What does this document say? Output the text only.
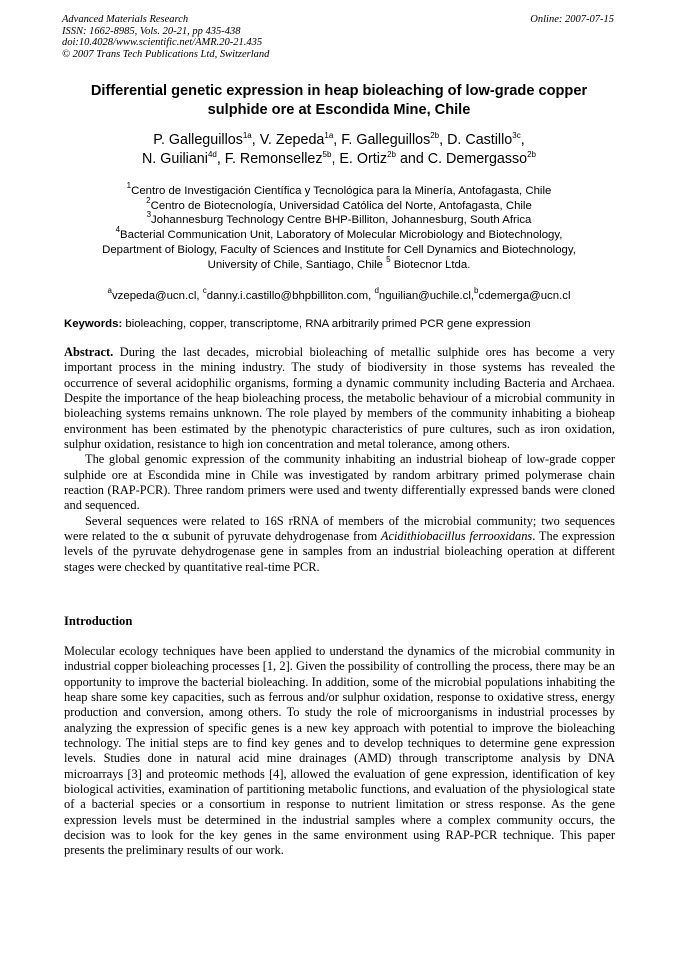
Advanced Materials Research
ISSN: 1662-8985, Vols. 20-21, pp 435-438
doi:10.4028/www.scientific.net/AMR.20-21.435
© 2007 Trans Tech Publications Ltd, Switzerland
Online: 2007-07-15
Differential genetic expression in heap bioleaching of low-grade copper
sulphide ore at Escondida Mine, Chile
P. Galleguillos$^{1a}$, V. Zepeda$^{1a}$, F. Galleguillos$^{2b}$, D. Castillo$^{3c}$,
N. Guiliani$^{4d}$, F. Remonsellez$^{5b}$, E. Ortiz$^{2b}$ and C. Demergasso$^{2b}$
$^1$Centro de Investigación Científica y Tecnológica para la Minería, Antofagasta, Chile
$^2$Centro de Biotecnología, Universidad Católica del Norte, Antofagasta, Chile
$^3$Johannesburg Technology Centre BHP-Billiton, Johannesburg, South Africa
$^4$Bacterial Communication Unit, Laboratory of Molecular Microbiology and Biotechnology,
Department of Biology, Faculty of Sciences and Institute for Cell Dynamics and Biotechnology,
University of Chile, Santiago, Chile $^5$ Biotecnor Ltda.
$^a$vzepeda@ucn.cl, $^c$danny.i.castillo@bhpbilliton.com, $^d$nguilian@uchile.cl,$^b$cdemerga@ucn.cl
Keywords: bioleaching, copper, transcriptome, RNA arbitrarily primed PCR gene expression

Abstract. During the last decades, microbial bioleaching of metallic sulphide ores has become a very important process in the mining industry. The study of biodiversity in those systems has revealed the occurrence of several acidophilic organisms, forming a dynamic community including Bacteria and Archaea. Despite the importance of the heap bioleaching process, the metabolic behaviour of a microbial community in bioleaching systems remains unknown. The role played by members of the community inhabiting a bioheap environment has been estimated by the phenotypic characteristics of pure cultures, such as iron oxidation, sulphur oxidation, resistance to high ion concentration and metal tolerance, among others.

The global genomic expression of the community inhabiting an industrial bioheap of low-grade copper sulphide ore at Escondida mine in Chile was investigated by random arbitrary primed polymerase chain reaction (RAP-PCR). Three random primers were used and twenty differentially expressed bands were cloned and sequenced.

Several sequences were related to 16S rRNA of members of the microbial community; two sequences were related to the α subunit of pyruvate dehydrogenase from Acidithiobacillus ferrooxidans. The expression levels of the pyruvate dehydrogenase gene in samples from an industrial bioleaching operation at different stages were checked by quantitative real-time PCR.

Introduction

Molecular ecology techniques have been applied to understand the dynamics of the microbial community in industrial copper bioleaching processes [1, 2]. Given the possibility of controlling the process, there may be an opportunity to improve the bacterial bioleaching. In addition, some of the microbial populations inhabiting the heap share some key capacities, such as ferrous and/or sulphur oxidation, response to oxidative stress, energy production and conversion, among others. To study the role of microorganisms in industrial processes by analyzing the expression of specific genes is a new key approach with potential to improve the bioleaching technology. The initial steps are to find key genes and to develop techniques to determine gene expression levels. Studies done in natural acid mine drainages (AMD) through transcriptome analysis by DNA microarrays [3] and proteomic methods [4], allowed the evaluation of gene expression, identification of key biological activities, examination of partitioning metabolic functions, and evaluation of the physiological state of a bacterial species or a consortium in response to nutrient limitation or stress response. As the gene expression levels must be determined in the industrial samples where a complex community occurs, the decision was to look for the key genes in the same environment using RAP-PCR technique. This paper presents the preliminary results of our work.
